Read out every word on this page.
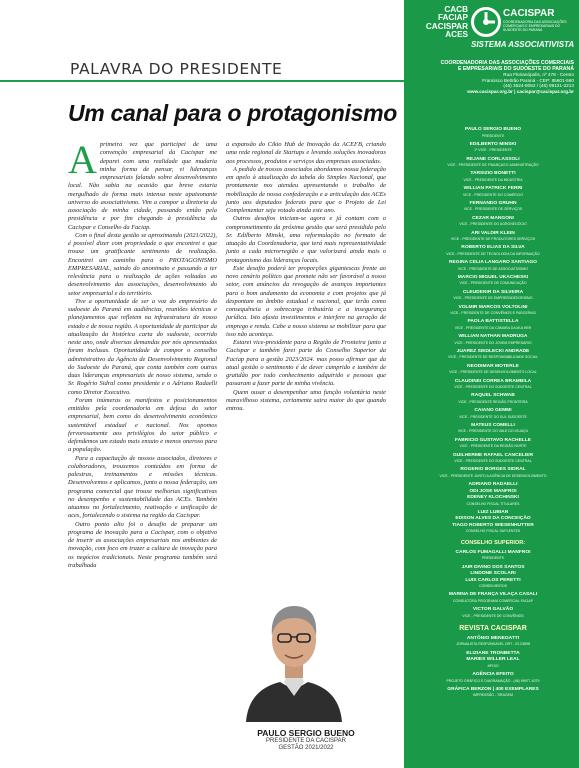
PALAVRA DO PRESIDENTE
Um canal para o protagonismo
A primeira vez que participei de uma convenção empresarial da Cacispar me deparei com uma realidade que mudaria minha forma de pensar, vi lideranças empresariais falando sobre desenvolvimento local. Não sabia na ocasião que breve estaria mergulhado de forma mais intensa neste apaixonante universo do associativismo. Vim a compor a diretoria da associação de minha cidade, passando então pela presidência e por fim chegando à presidência da Cacispar e Conselho da Faciap.

Com o final desta gestão se aproximando (2021/2022), é possível dizer com propriedade o que encontrei e que trouxe um gratificante sentimento de realização. Encontrei um caminho para o PROTAGONISMO EMPRESARIAL, saindo do anonimato e passando a ter relevância para a realização de ações voltadas ao desenvolvimento das associações, desenvolvimento do setor empresarial e do território.

Tive a oportunidade de ser a voz do empresário do sudoeste do Paraná em audiências, reuniões técnicas e planejamentos que refletem na infraestrutura de nosso estado e de nossa região. A oportunidade de participar da atualização da histórica carta do sudoeste, ocorrido neste ano, onde diversas demandas por nós apresentadas foram inclusas. Oportunidade de compor o conselho administrativo da Agência de Desenvolvimento Regional do Sudoeste do Paraná, que conta também com outras duas lideranças empresariais de nosso sistema, sendo o Sr. Rogério Sidral como presidente e o Adriano Radaelli como Diretor Executivo.

Foram inúmeras os manifestos e posicionamentos emitidos pela coordenadoria em defesa do setor empresarial, bem como do desenvolvimento econômico sustentável estadual e nacional. Nos opomos fervorosamente aos privilégios do setor público e defendemos um estado mais enxuto e menos oneroso para a população.

Para a capacitação de nossos associados, diretores e colaboradores, trouxemos conteúdos em forma de palestras, treinamentos e missões técnicas. Desenvolvemos e aplicamos, junto a nossa federação, um programa comercial que trouxe melhorias significativas no desempenho e sustentabilidade das ACEs. Também atuamos no fortalecimento, reativação e unificação de aces, fortalecendo o sistema na região da Cacispar.

Outro ponto alto foi o desafio de preparar um programa de inovação para a Cacispar, com o objetivo de inserir as associações empresariais nos ambientes de inovação, com foco em trazer a cultura de inovação para os negócios tradicionais. Neste programa também será trabalhada

a expansão do Cikio Hub de Inovação da ACEFB, criando uma rede regional de Startups e levando soluções inovadoras aos processos, produtos e serviços das empresas associadas.

A pedido de nossos associados abordamos nossa federação em apelo à atualização do tabela do Simples Nacional, que prontamente nos atendeu apresentando o trabalho de mobilização de nossa confederação e a articulação das ACEs junto aos deputados federais para que o Projeto de Lei Complementar seja votado ainda este ano.

Outros desafios iniciam-se agora e já contam com o comprometimento da próxima gestão que será presidida pelo Sr. Edilberto Minski, uma reformulação no formato de atuação da Coordenadoria, que terá mais representatividade junto a cada microrregião e que valorizará ainda mais o protagonismo das lideranças locais.

Este desafio poderá ter proporções gigantescas frente ao novo cenário político que promete não ser favorável a nosso setor, com anúncios da revogação de avanços importantes para o bom andamento da economia e com projetos que já despontam no âmbito estadual e nacional, que terão como consequência a sobrecarga tributária e a insegurança jurídica. Isto afasta investimentos e interfere na geração de emprego e renda. Cabe a nosso sistema se mobilizar para que isso não aconteça.

Estarei vice-presidente para a Região de Fronteira junto a Cacispar e também farei parte do Conselho Superior da Faciap para a gestão 2023/2024. mas posso afirmar que da atual gestão o sentimento é de dever cumprido e também de gratidão por todo conhecimento adquirido e pessoas que passaram a fazer parte de minha vivência.

Quem ousar a desempenhar uma função voluntária neste maravilhoso sistema, certamente saira maior do que quando entrou.

PAULO SERGIO BUENO
PRESIDENTE DA CACISPAR
GESTÃO 2021/2022
CACB
FACIAP
CACISPAR
ACES
CACISPAR
COORDENADORIA DAS ASSOCIAÇÕES COMERCIAIS E EMPRESARIAIS DO SUDOESTE DO PARANÁ
SISTEMA ASSOCIATIVISTA
COORDENADORIA DAS ASSOCIAÇÕES COMERCIAIS
E EMPRESARIAIS DO SUDOESTE DO PARANÁ
Rua Florianópolis, nº 478 - Centro
Francisco Beltrão Paraná - CEP: 85601-560
(46) 3524-8052 / (46) 99121-2213
www.cacispar.org.br | cacispar@cacispar.org.br
PAULO SERGIO BUENO
PRESIDENTE
EDILBERTO MINSKI
1º VICE - PRESIDENTE
REJANE CORLASSOLI
VICE - PRESIDENTE DE FINANÇAS E ADMINISTRAÇÃO
TARSIZIO BONETTI
VICE - PRESIDENTE DA INDÚSTRIA
WILLIAN PATRICK FERRI
VICE - PRESIDENTE DO COMÉRCIO
FERNANDO GRUHN
VICE - PRESIDENTE DE SERVIÇOS
CEZAR MANGONI
VICE - PRESIDENTE DO AGRONEGÓCIO
ARI VALDIR KLEIN
VICE - PRESIDENTE DE PRODUTORES SERVIÇOS
ROBERTO ELIAS DA SILVA
VICE - PRESIDENTE DE TECNOLOGIA DA INFORMAÇÃO
REGINA CELIA LANGARO SANTIAGO
VICE - PRESIDENTE DE ASSOCIATIVISMO
MARCIO MIGUEL UKACHESKI
VICE - PRESIDENTE DE COMUNICAÇÃO
CLEUDENIR DA SILVEIRA
VICE - PRESIDENTE DE EMPREENDEDORISMO
VOLMIR MARCOS VOLTOLINI
VICE - PRESIDENTE DE CONVÊNIOS E PARCERIAS
PAOLA BATTISTELLA
VICE - PRESIDENTE DA CÂMARA DA MULHER
WILLIAN NATHAN MADRUGA
VICE - PRESIDENTE DO JOVEM EMPRESÁRIO
JUAREZ SIEDLECKI ANDRADE
VICE - PRESIDENTE DE RESPONSABILIDADE SOCIAL
NEODIMAR MOTERLE
VICE - PRESIDENTE DE DESENVOLVIMENTO LOCAL
CLAUDINEI CORREA BRAMBILA
VICE - PRESIDENTE DO SUDOESTE CENTRAL
RAQUEL SCHWAB
VICE - PRESIDENTE REGIÃO FRONTEIRA
CAIANO GEMMI
VICE - PRESIDENTE DO SUL SUDOESTE
MATEUS COMELLI
VICE - PRESIDENTE DO VALE DO IGUAÇU
FABRICIO GUSTAVO RACHELLE
VICE - PRESIDENTE DA REGIÃO NORTE
GUILHERME RAFAEL CANCELIER
VICE - PRESIDENTE DO SUDOESTE CENTRAL
ROGERIO BORGES SIDRAL
VICE - PRESIDENTE JUNTO A AGÊNCIA DE DESENVOLVIMENTO
ADRIANO RADAELLI
ODI JOSE MANFROI
EDENEY KLOCHINSKI
CONSELHO FISCAL TITULARES
LUIZ LUBIAN
EDISON ALVES DA CONCEIÇÃO
TIAGO ROBERTO WIESENHUTTER
CONSELHO FISCAL SUPLENTES
CONSELHO SUPERIOR:
CARLOS FUMAGALLI MANFROI
PRESIDENTE
JAIR DIVINO DOS SANTOS
LINDONE SCOLARI
LUIS CARLOS PERETTI
CONSELHEIROS
MARINA DE FRANÇA VILAÇA CASALI
CONSULTORA PROGRAMA COMERCIAL FACIAP
VICTOR GALVÃO
VICE - PRESIDENTE DE CONVÊNIOS
REVISTA CACISPAR
ANTÔNIO MENEGATTI
JORNALISTA RESPONSÁVEL DRT - 02.23898
ELIZIANE TRONBETTA
MARIES WILLER LEAL
APOIO
AGÊNCIA EFEITO
PROJETO GRÁFICO E DIAGRAMAÇÃO - (46) 99977-4079
GRÁFICA BERZON | 400 EXEMPLARES
IMPRESSÃO - TIRAGEM
